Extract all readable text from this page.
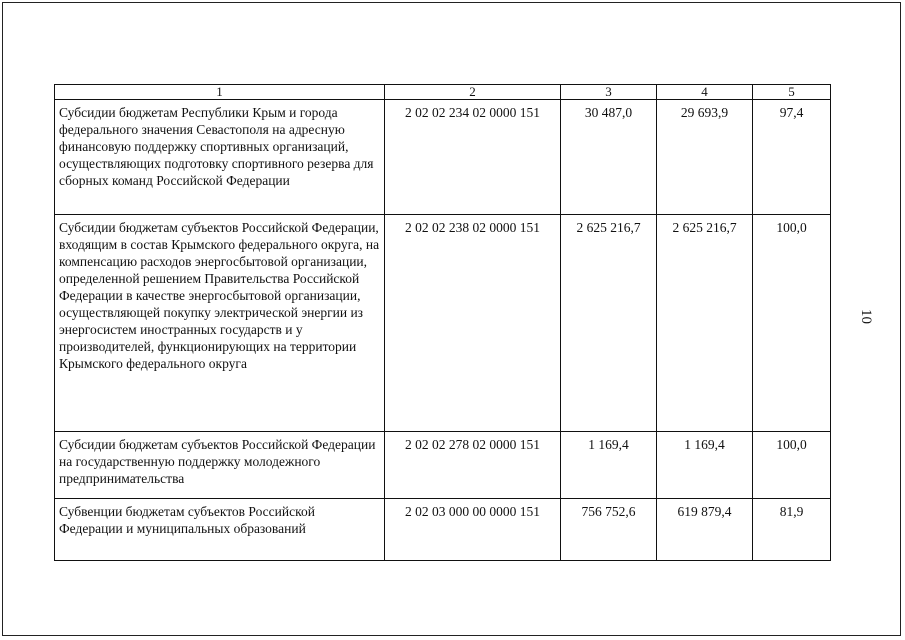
1	2	3	4	5
Субсидии бюджетам Республики Крым и города федерального значения Севастополя на адресную финансовую поддержку спортивных организаций, осуществляющих подготовку спортивного резерва для сборных команд Российской Федерации	2 02 02 234 02 0000 151	30 487,0	29 693,9	97,4
Субсидии бюджетам субъектов Российской Федерации, входящим в состав Крымского федерального округа, на компенсацию расходов энергосбытовой организации, определенной решением Правительства Российской Федерации в качестве энергосбытовой организации, осуществляющей покупку электрической энергии из энергосистем иностранных государств и у производителей, функционирующих на территории Крымского федерального округа	2 02 02 238 02 0000 151	2 625 216,7	2 625 216,7	100,0
Субсидии бюджетам субъектов Российской Федерации на государственную поддержку молодежного предпринимательства	2 02 02 278 02 0000 151	1 169,4	1 169,4	100,0
Субвенции бюджетам субъектов Российской Федерации и муниципальных образований	2 02 03 000 00 0000 151	756 752,6	619 879,4	81,9
10
